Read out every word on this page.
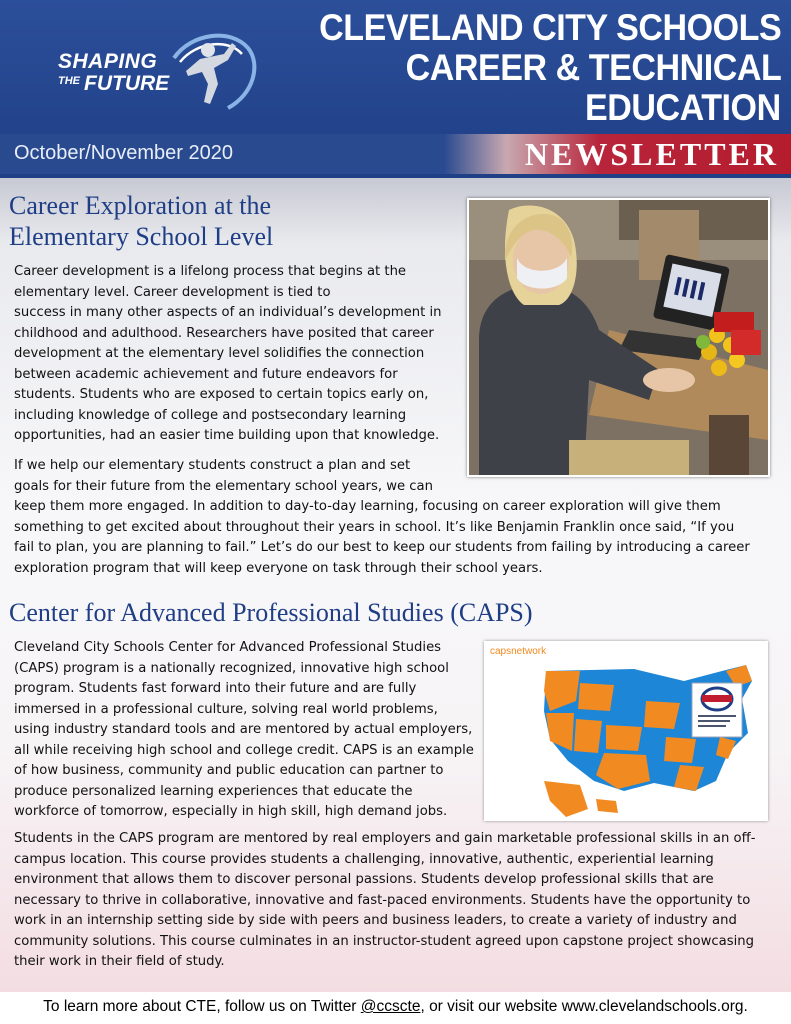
SHAPING
THE FUTURE
CLEVELAND CITY SCHOOLS
CAREER & TECHNICAL
EDUCATION
October/November 2020	NEWSLETTER
Career Exploration at the
Elementary School Level
Career development is a lifelong process that begins at the
elementary level. Career development is tied to
success in many other aspects of an individual’s development in
childhood and adulthood. Researchers have posited that career
development at the elementary level solidifies the connection
between academic achievement and future endeavors for
students. Students who are exposed to certain topics early on,
including knowledge of college and postsecondary learning
opportunities, had an easier time building upon that knowledge.
If we help our elementary students construct a plan and set
goals for their future from the elementary school years, we can
keep them more engaged. In addition to day-to-day learning, focusing on career exploration will give them
something to get excited about throughout their years in school. It’s like Benjamin Franklin once said, “If you
fail to plan, you are planning to fail.” Let’s do our best to keep our students from failing by introducing a career
exploration program that will keep everyone on task through their school years.
Center for Advanced Professional Studies (CAPS)
capsnetwork
Cleveland City Schools Center for Advanced Professional Studies
(CAPS) program is a nationally recognized, innovative high school
program. Students fast forward into their future and are fully
immersed in a professional culture, solving real world problems,
using industry standard tools and are mentored by actual employers,
all while receiving high school and college credit. CAPS is an example
of how business, community and public education can partner to
produce personalized learning experiences that educate the
workforce of tomorrow, especially in high skill, high demand jobs.
Students in the CAPS program are mentored by real employers and gain marketable professional skills in an off-
campus location. This course provides students a challenging, innovative, authentic, experiential learning
environment that allows them to discover personal passions. Students develop professional skills that are
necessary to thrive in collaborative, innovative and fast-paced environments. Students have the opportunity to
work in an internship setting side by side with peers and business leaders, to create a variety of industry and
community solutions. This course culminates in an instructor-student agreed upon capstone project showcasing
their work in their field of study.
To learn more about CTE, follow us on Twitter @ccscte, or visit our website www.clevelandschools.org.
